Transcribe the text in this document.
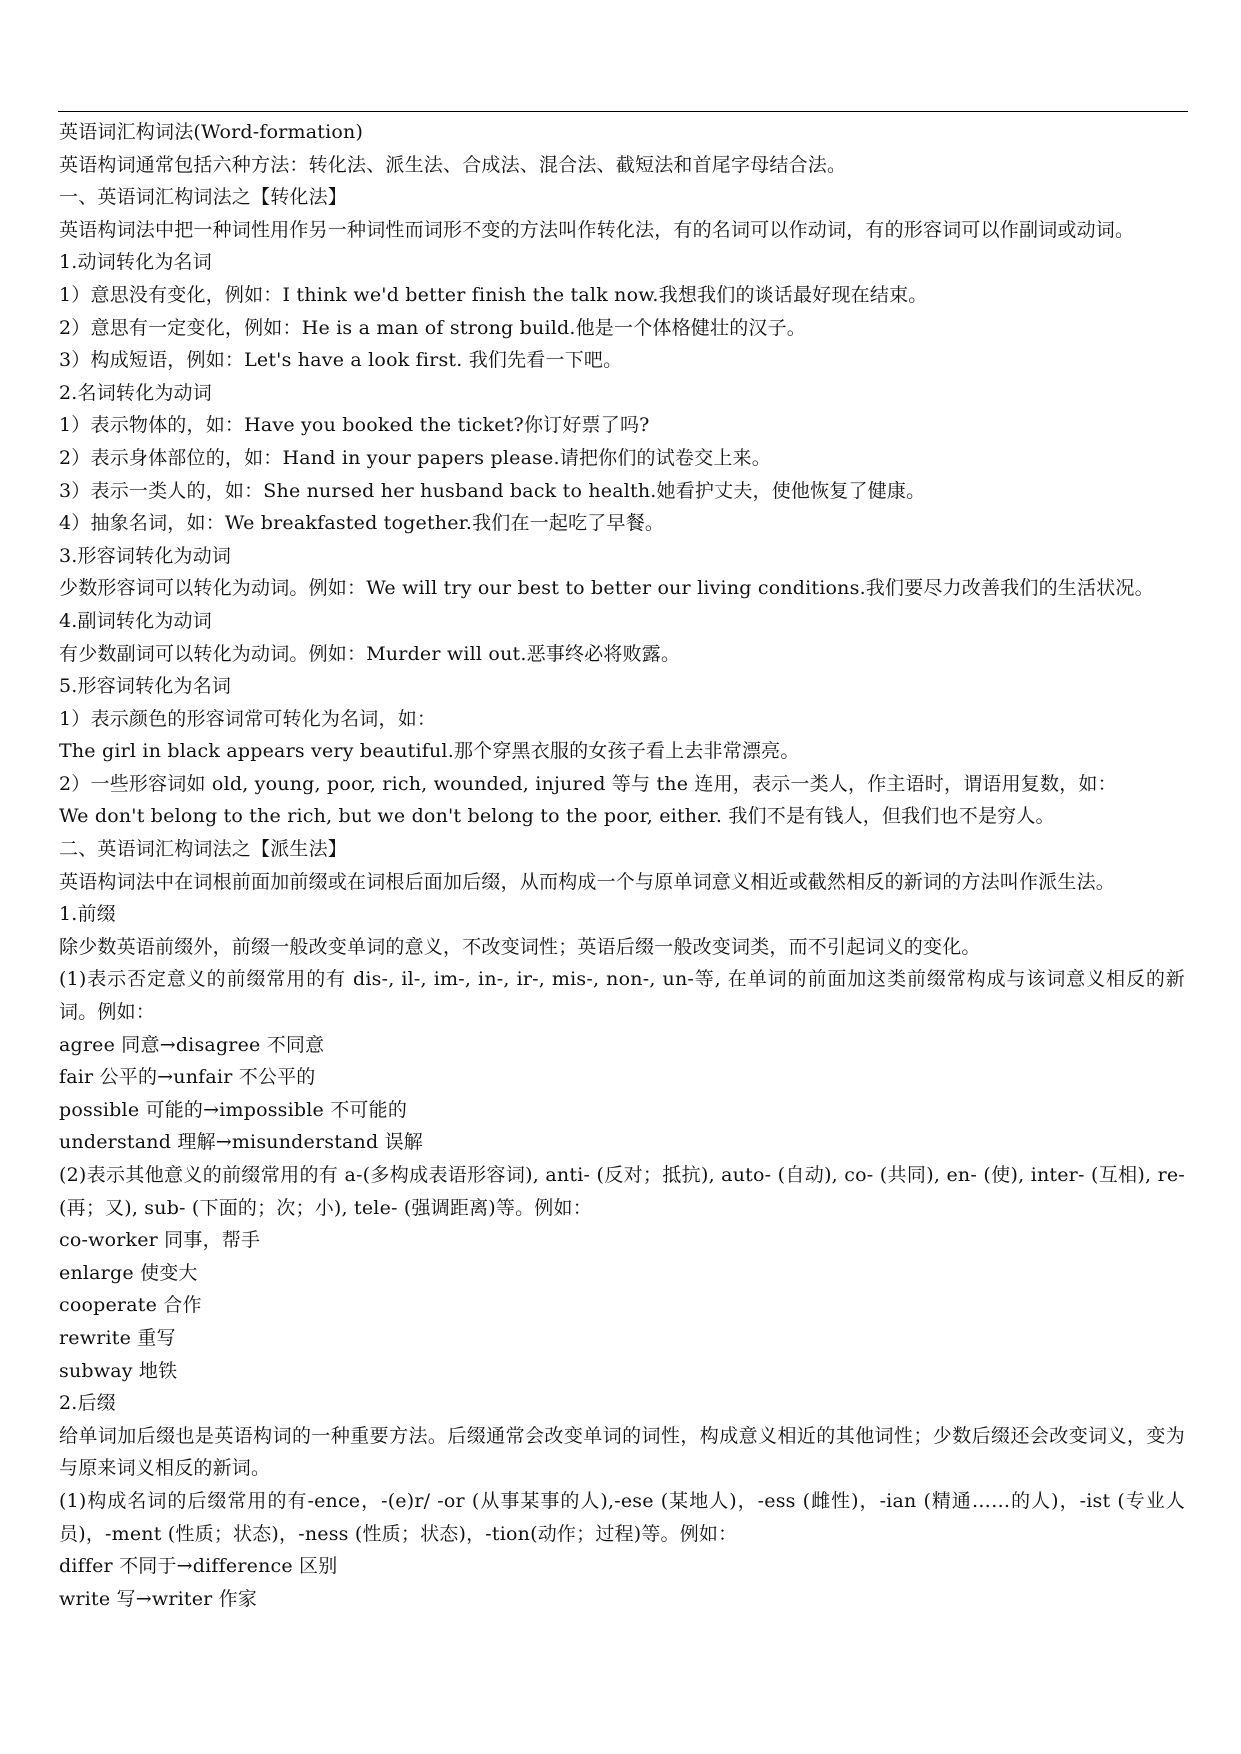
英语词汇构词法(Word-formation)
英语构词通常包括六种方法：转化法、派生法、合成法、混合法、截短法和首尾字母结合法。
一、英语词汇构词法之【转化法】
英语构词法中把一种词性用作另一种词性而词形不变的方法叫作转化法，有的名词可以作动词，有的形容词可以作副词或动词。
1.动词转化为名词
1）意思没有变化，例如：I think we'd better finish the talk now.我想我们的谈话最好现在结束。
2）意思有一定变化，例如：He is a man of strong build.他是一个体格健壮的汉子。
3）构成短语，例如：Let's have a look first. 我们先看一下吧。
2.名词转化为动词
1）表示物体的，如：Have you booked the ticket?你订好票了吗?
2）表示身体部位的，如：Hand in your papers please.请把你们的试卷交上来。
3）表示一类人的，如：She nursed her husband back to health.她看护丈夫，使他恢复了健康。
4）抽象名词，如：We breakfasted together.我们在一起吃了早餐。
3.形容词转化为动词
少数形容词可以转化为动词。例如：We will try our best to better our living conditions.我们要尽力改善我们的生活状况。
4.副词转化为动词
有少数副词可以转化为动词。例如：Murder will out.恶事终必将败露。
5.形容词转化为名词
1）表示颜色的形容词常可转化为名词，如：
The girl in black appears very beautiful.那个穿黑衣服的女孩子看上去非常漂亮。
2）一些形容词如 old, young, poor, rich, wounded, injured 等与 the 连用，表示一类人，作主语时，谓语用复数，如：
We don't belong to the rich, but we don't belong to the poor, either. 我们不是有钱人，但我们也不是穷人。
二、英语词汇构词法之【派生法】
英语构词法中在词根前面加前缀或在词根后面加后缀，从而构成一个与原单词意义相近或截然相反的新词的方法叫作派生法。
1.前缀
除少数英语前缀外，前缀一般改变单词的意义，不改变词性；英语后缀一般改变词类，而不引起词义的变化。
(1)表示否定意义的前缀常用的有 dis-, il-, im-, in-, ir-, mis-, non-, un-等, 在单词的前面加这类前缀常构成与该词意义相反的新词。例如：
agree 同意→disagree 不同意
fair 公平的→unfair 不公平的
possible 可能的→impossible 不可能的
understand 理解→misunderstand 误解
(2)表示其他意义的前缀常用的有 a-(多构成表语形容词), anti- (反对；抵抗), auto- (自动), co- (共同), en- (使), inter- (互相), re- (再；又), sub- (下面的；次；小), tele- (强调距离)等。例如：
co-worker 同事，帮手
enlarge 使变大
cooperate 合作
rewrite 重写
subway 地铁
2.后缀
给单词加后缀也是英语构词的一种重要方法。后缀通常会改变单词的词性，构成意义相近的其他词性；少数后缀还会改变词义，变为与原来词义相反的新词。
(1)构成名词的后缀常用的有-ence，-(e)r/ -or (从事某事的人),-ese (某地人)，-ess (雌性)，-ian (精通……的人)，-ist (专业人员)，-ment (性质；状态)，-ness (性质；状态)，-tion(动作；过程)等。例如：
differ 不同于→difference 区别
write 写→writer 作家
